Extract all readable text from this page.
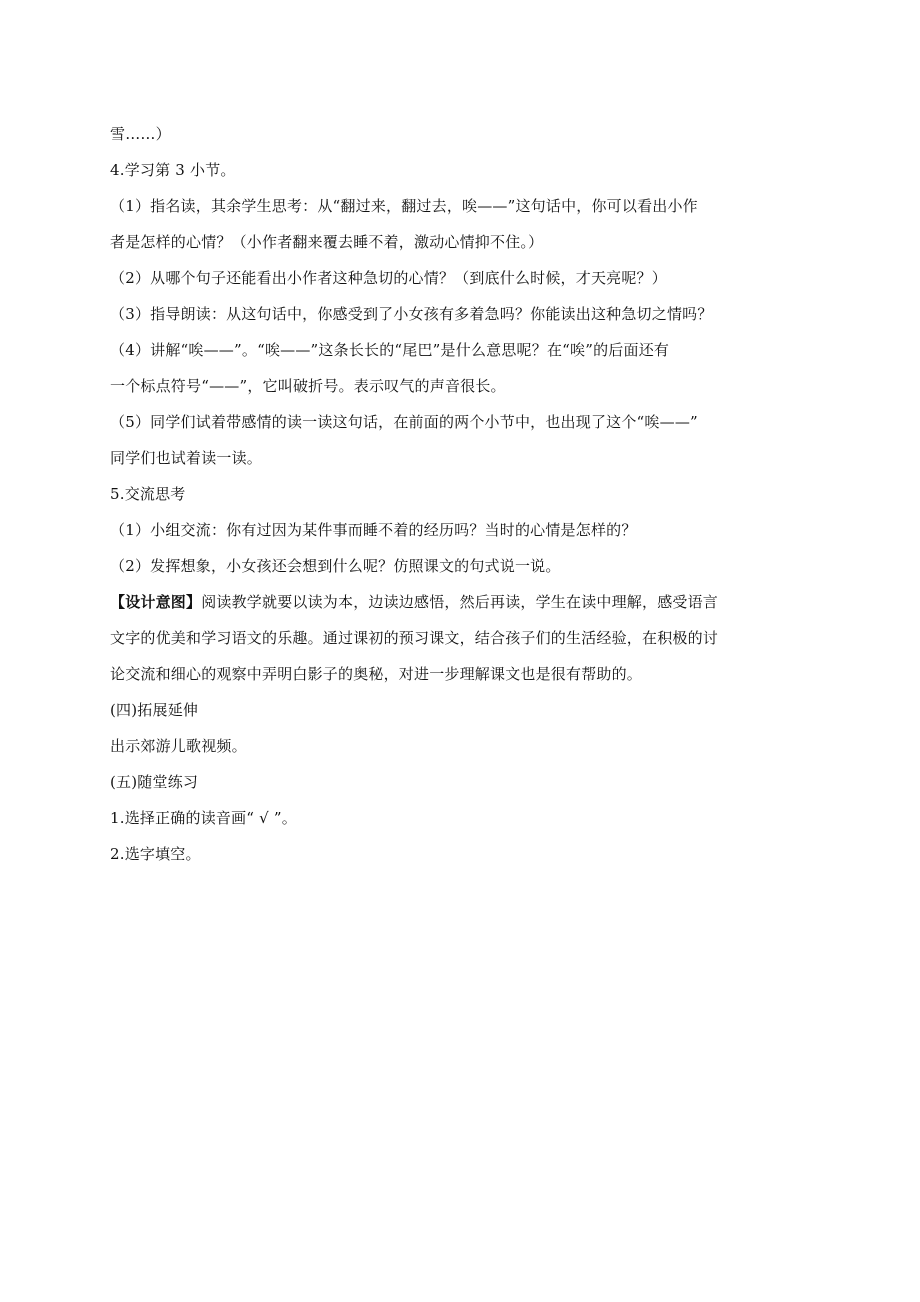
雪……）
4.学习第 3 小节。
（1）指名读，其余学生思考：从“翻过来，翻过去，唉——”这句话中，你可以看出小作
者是怎样的心情？（小作者翻来覆去睡不着，激动心情抑不住。）
（2）从哪个句子还能看出小作者这种急切的心情？（到底什么时候，才天亮呢？）
（3）指导朗读：从这句话中，你感受到了小女孩有多着急吗？你能读出这种急切之情吗？
（4）讲解“唉——”。“唉——”这条长长的“尾巴”是什么意思呢？在“唉”的后面还有
一个标点符号“——”，它叫破折号。表示叹气的声音很长。
（5）同学们试着带感情的读一读这句话，在前面的两个小节中，也出现了这个“唉——”
同学们也试着读一读。
5.交流思考
（1）小组交流：你有过因为某件事而睡不着的经历吗？当时的心情是怎样的？
（2）发挥想象，小女孩还会想到什么呢？仿照课文的句式说一说。
【设计意图】阅读教学就要以读为本，边读边感悟，然后再读，学生在读中理解，感受语言
文字的优美和学习语文的乐趣。通过课初的预习课文，结合孩子们的生活经验，在积极的讨
论交流和细心的观察中弄明白影子的奥秘，对进一步理解课文也是很有帮助的。
(四)拓展延伸
出示郊游儿歌视频。
(五)随堂练习
1.选择正确的读音画“ √ ”。
2.选字填空。
